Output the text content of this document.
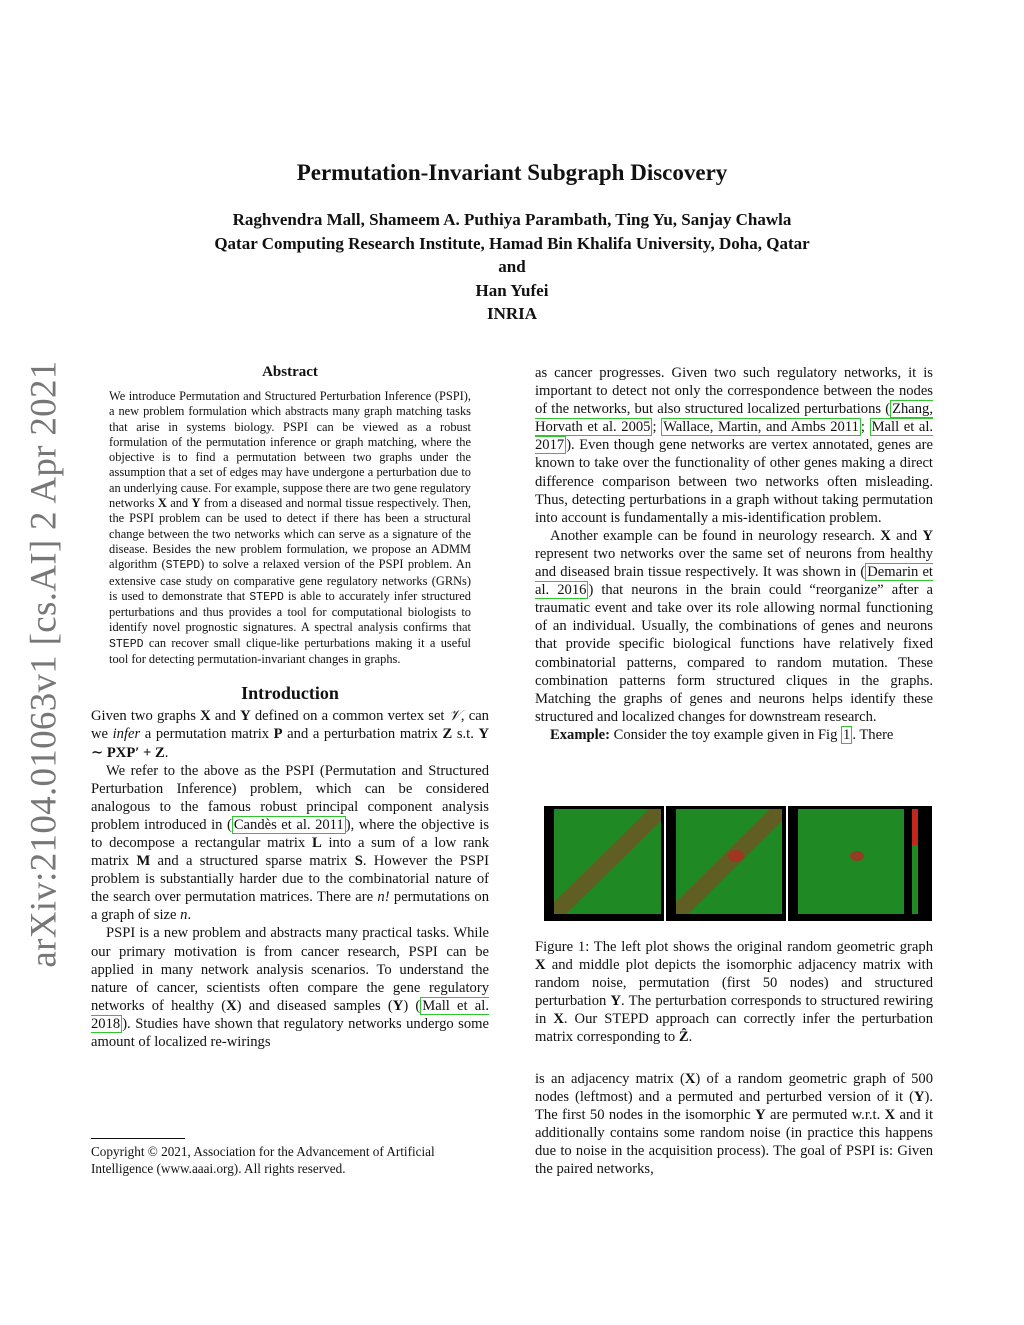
arXiv:2104.01063v1 [cs.AI] 2 Apr 2021
Permutation-Invariant Subgraph Discovery
Raghvendra Mall, Shameem A. Puthiya Parambath, Ting Yu, Sanjay Chawla
Qatar Computing Research Institute, Hamad Bin Khalifa University, Doha, Qatar
and
Han Yufei
INRIA
Abstract
We introduce Permutation and Structured Perturbation Inference (PSPI), a new problem formulation which abstracts many graph matching tasks that arise in systems biology. PSPI can be viewed as a robust formulation of the permutation inference or graph matching, where the objective is to find a permutation between two graphs under the assumption that a set of edges may have undergone a perturbation due to an underlying cause. For example, suppose there are two gene regulatory networks X and Y from a diseased and normal tissue respectively. Then, the PSPI problem can be used to detect if there has been a structural change between the two networks which can serve as a signature of the disease. Besides the new problem formulation, we propose an ADMM algorithm (STEPD) to solve a relaxed version of the PSPI problem. An extensive case study on comparative gene regulatory networks (GRNs) is used to demonstrate that STEPD is able to accurately infer structured perturbations and thus provides a tool for computational biologists to identify novel prognostic signatures. A spectral analysis confirms that STEPD can recover small clique-like perturbations making it a useful tool for detecting permutation-invariant changes in graphs.
Introduction

Given two graphs X and Y defined on a common vertex set 𝒱, can we infer a permutation matrix P and a perturbation matrix Z s.t. Y ∼ PXP′ + Z.

We refer to the above as the PSPI (Permutation and Structured Perturbation Inference) problem, which can be considered analogous to the famous robust principal component analysis problem introduced in ( Candès et al. 2011 ), where the objective is to decompose a rectangular matrix L into a sum of a low rank matrix M and a structured sparse matrix S. However the PSPI problem is substantially harder due to the combinatorial nature of the search over permutation matrices. There are n! permutations on a graph of size n.

PSPI is a new problem and abstracts many practical tasks. While our primary motivation is from cancer research, PSPI can be applied in many network analysis scenarios. To understand the nature of cancer, scientists often compare the gene regulatory networks of healthy (X) and diseased samples (Y) ( Mall et al. 2018 ). Studies have shown that regulatory networks undergo some amount of localized re-wirings

Copyright © 2021, Association for the Advancement of Artificial Intelligence (www.aaai.org). All rights reserved.

as cancer progresses. Given two such regulatory networks, it is important to detect not only the correspondence between the nodes of the networks, but also structured localized perturbations ( Zhang, Horvath et al. 2005 ; Wallace, Martin, and Ambs 2011 ; Mall et al. 2017 ). Even though gene networks are vertex annotated, genes are known to take over the functionality of other genes making a direct difference comparison between two networks often misleading. Thus, detecting perturbations in a graph without taking permutation into account is fundamentally a mis-identification problem.

Another example can be found in neurology research. X and Y represent two networks over the same set of neurons from healthy and diseased brain tissue respectively. It was shown in ( Demarin et al. 2016 ) that neurons in the brain could “reorganize” after a traumatic event and take over its role allowing normal functioning of an individual. Usually, the combinations of genes and neurons that provide specific biological functions have relatively fixed combinatorial patterns, compared to random mutation. These combination patterns form structured cliques in the graphs. Matching the graphs of genes and neurons helps identify these structured and localized changes for downstream research.

Example: Consider the toy example given in Fig 1 . There

Figure 1: The left plot shows the original random geometric graph X and middle plot depicts the isomorphic adjacency matrix with random noise, permutation (first 50 nodes) and structured perturbation Y. The perturbation corresponds to structured rewiring in X. Our STEPD approach can correctly infer the perturbation matrix corresponding to Ẑ.

is an adjacency matrix (X) of a random geometric graph of 500 nodes (leftmost) and a permuted and perturbed version of it (Y). The first 50 nodes in the isomorphic Y are permuted w.r.t. X and it additionally contains some random noise (in practice this happens due to noise in the acquisition process). The goal of PSPI is: Given the paired networks,
